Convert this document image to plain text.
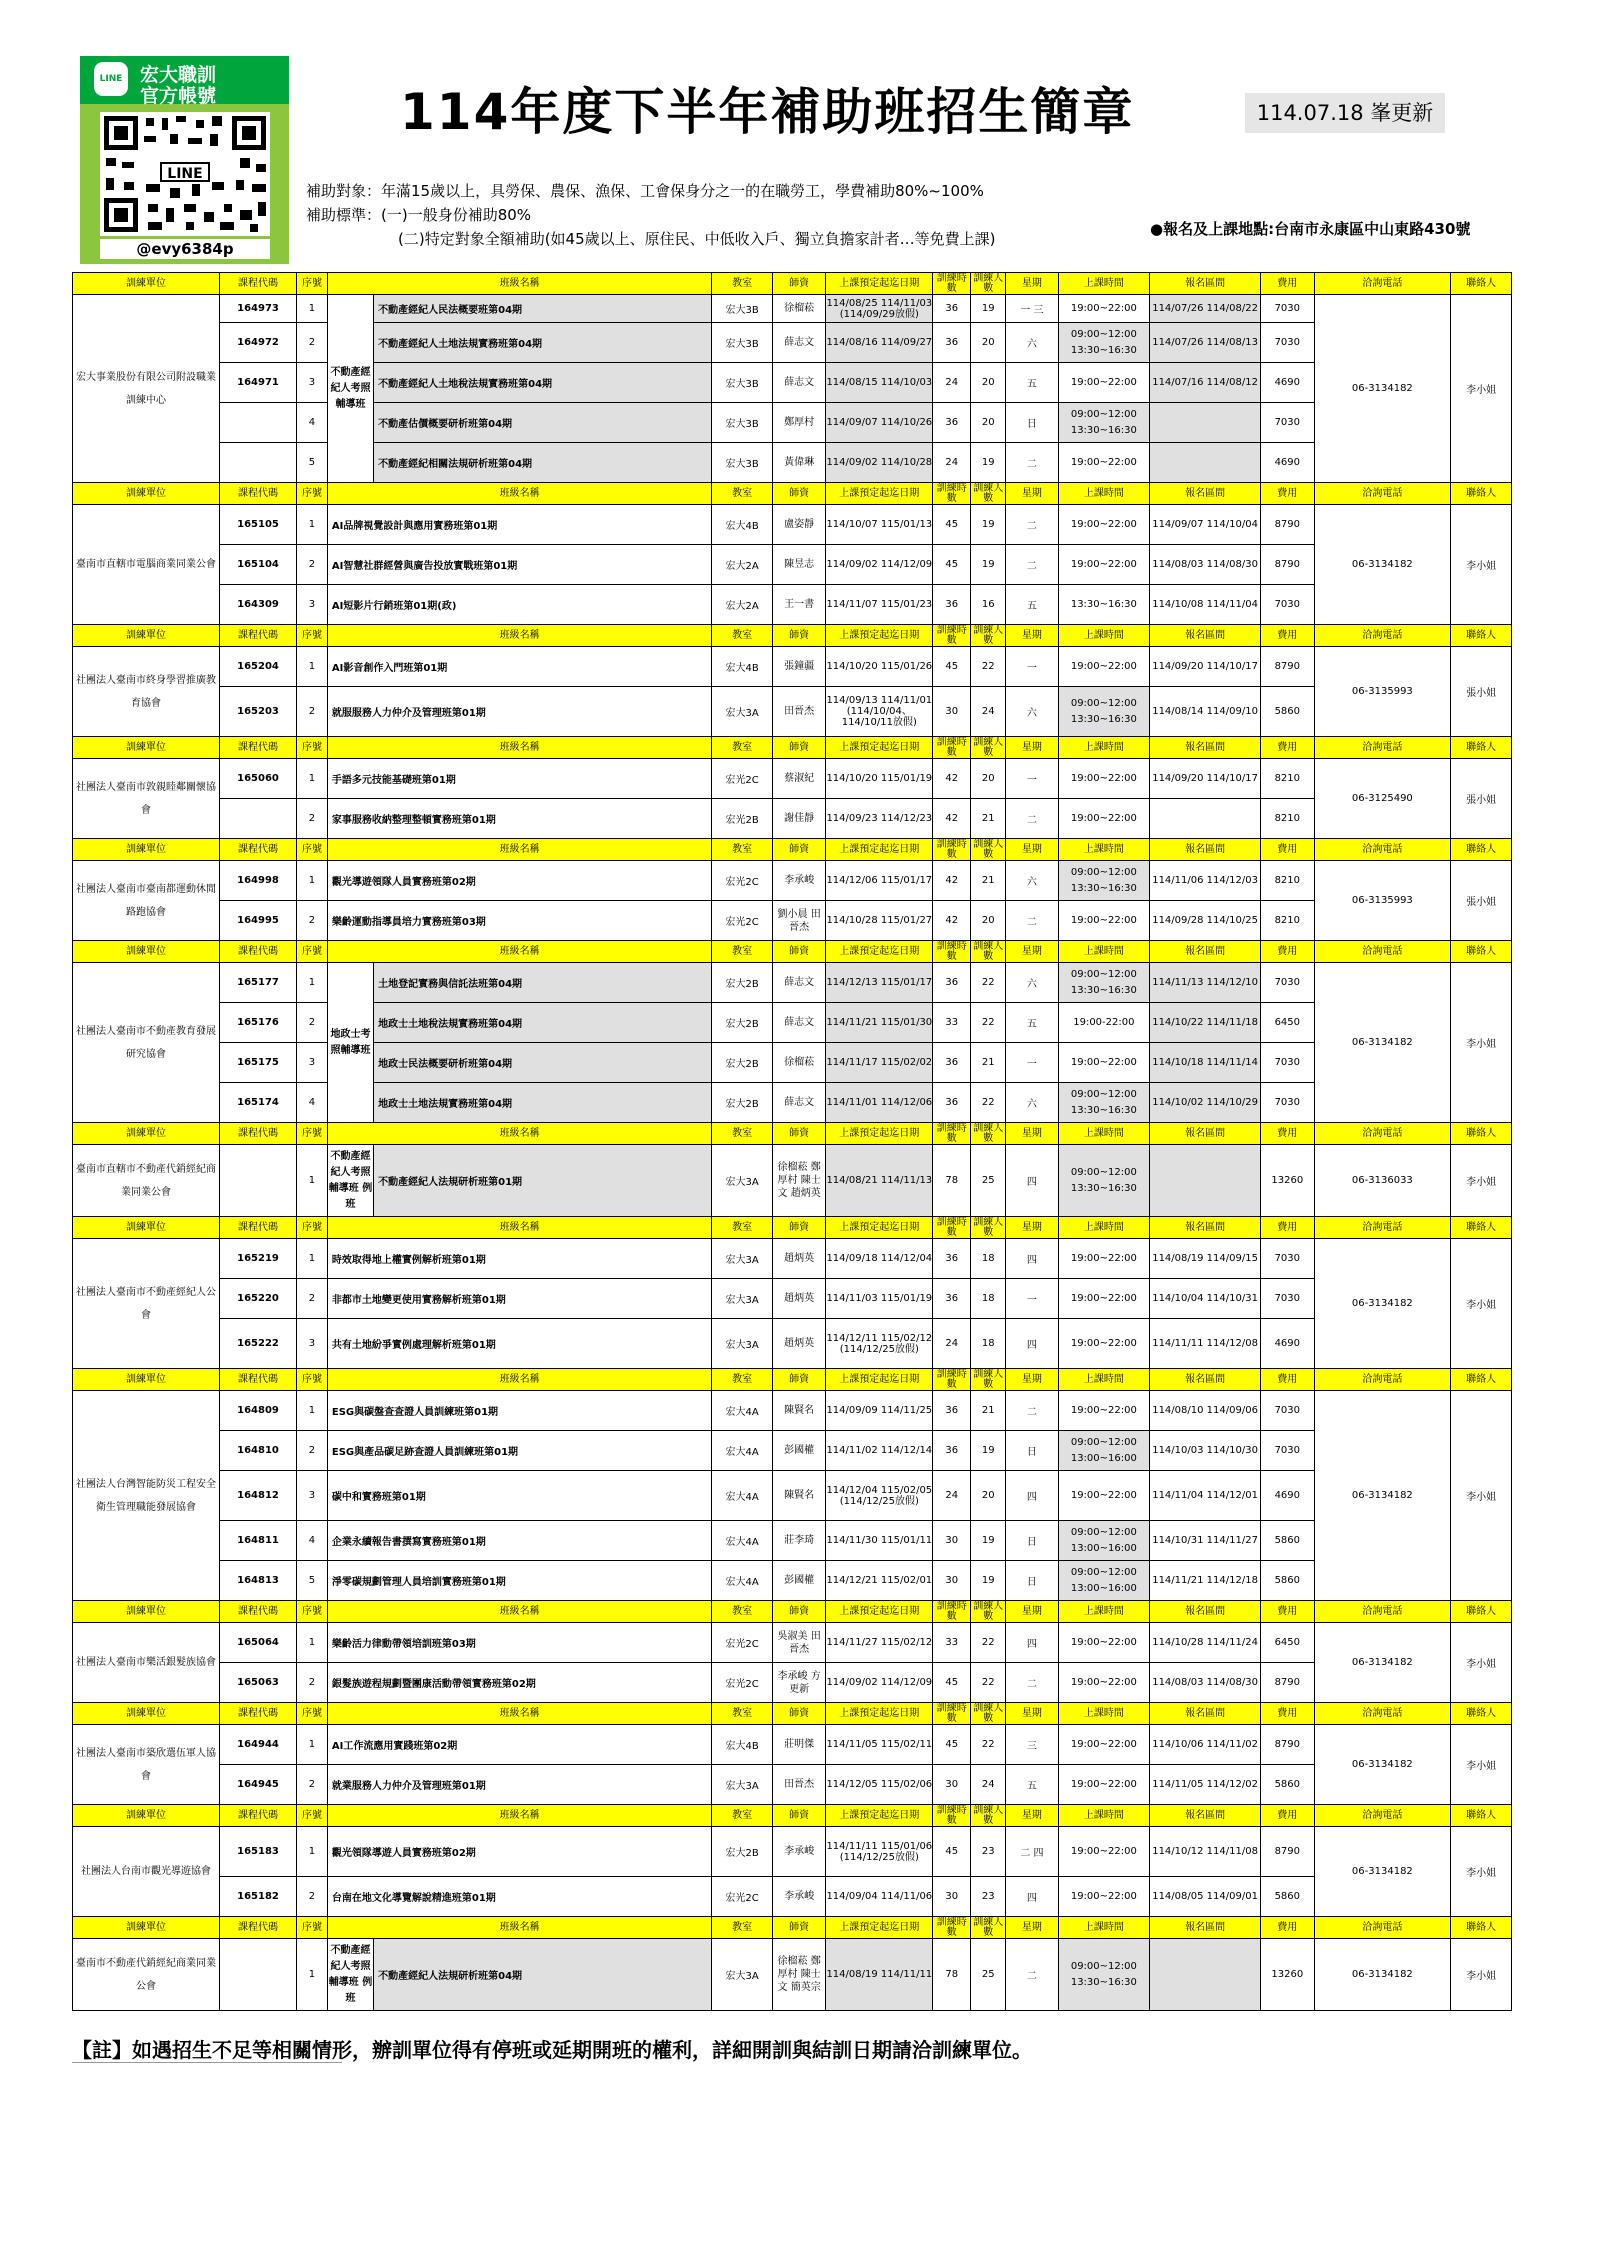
LINE 宏大職訓
官方帳號
LINE
@evy6384p
114年度下半年補助班招生簡章	114.07.18 峯更新
補助對象：年滿15歲以上，具勞保、農保、漁保、工會保身分之一的在職勞工，學費補助80%~100%
補助標準：(一)一般身份補助80%
(二)特定對象全額補助(如45歲以上、原住民、中低收入戶、獨立負擔家計者…等免費上課)
●報名及上課地點:台南市永康區中山東路430號
訓練單位	課程代碼	序號	班級名稱		教室	師資	上課預定起迄日期	訓練時數	訓練人數	星期	上課時間	報名區間	費用	洽詢電話	聯絡人
宏大事業股份有限公司附設職業訓練中心	164973	1	不動產經紀人考照輔導班	不動產經紀人民法概要班第04期	宏大3B	徐榴菘	114/08/25 114/11/03 (114/09/29放假)	36	19	一 三	19:00~22:00	114/07/26 114/08/22	7030	06-3134182	李小姐
	164972	2		不動產經紀人土地法規實務班第04期	宏大3B	薛志文	114/08/16 114/09/27	36	20	六	09:00~12:00 13:30~16:30	114/07/26 114/08/13	7030		
	164971	3		不動產經紀人土地稅法規實務班第04期	宏大3B	薛志文	114/08/15 114/10/03	24	20	五	19:00~22:00	114/07/16 114/08/12	4690		
		4		不動產估價概要研析班第04期	宏大3B	鄭厚村	114/09/07 114/10/26	36	20	日	09:00~12:00 13:30~16:30		7030		
		5		不動產經紀相關法規研析班第04期	宏大3B	黃偉琳	114/09/02 114/10/28	24	19	二	19:00~22:00		4690		
訓練單位	課程代碼	序號	班級名稱		教室	師資	上課預定起迄日期	訓練時數	訓練人數	星期	上課時間	報名區間	費用	洽詢電話	聯絡人
臺南市直轄市電腦商業同業公會	165105	1	AI品牌視覺設計與應用實務班第01期		宏大4B	盧姿靜	114/10/07 115/01/13	45	19	二	19:00~22:00	114/09/07 114/10/04	8790	06-3134182	李小姐
	165104	2	AI智慧社群經營與廣告投放實戰班第01期		宏大2A	陳昱志	114/09/02 114/12/09	45	19	二	19:00~22:00	114/08/03 114/08/30	8790		
	164309	3	AI短影片行銷班第01期(政)		宏大2A	王一書	114/11/07 115/01/23	36	16	五	13:30~16:30	114/10/08 114/11/04	7030		
訓練單位	課程代碼	序號	班級名稱		教室	師資	上課預定起迄日期	訓練時數	訓練人數	星期	上課時間	報名區間	費用	洽詢電話	聯絡人
社團法人臺南市終身學習推廣教育協會	165204	1	AI影音創作入門班第01期		宏大4B	張鐘疆	114/10/20 115/01/26	45	22	一	19:00~22:00	114/09/20 114/10/17	8790	06-3135993	張小姐
	165203	2	就服服務人力仲介及管理班第01期		宏大3A	田晉杰	114/09/13 114/11/01 (114/10/04、114/10/11放假)	30	24	六	09:00~12:00 13:30~16:30	114/08/14 114/09/10	5860		
訓練單位	課程代碼	序號	班級名稱		教室	師資	上課預定起迄日期	訓練時數	訓練人數	星期	上課時間	報名區間	費用	洽詢電話	聯絡人
社團法人臺南市敦親睦鄰關懷協會	165060	1	手語多元技能基礎班第01期		宏光2C	蔡淑紀	114/10/20 115/01/19	42	20	一	19:00~22:00	114/09/20 114/10/17	8210	06-3125490	張小姐
		2	家事服務收納整理整頓實務班第01期		宏光2B	謝佳靜	114/09/23 114/12/23	42	21	二	19:00~22:00		8210		
訓練單位	課程代碼	序號	班級名稱		教室	師資	上課預定起迄日期	訓練時數	訓練人數	星期	上課時間	報名區間	費用	洽詢電話	聯絡人
社團法人臺南市臺南都運動休閒路跑協會	164998	1	觀光導遊領隊人員實務班第02期		宏光2C	李承峻	114/12/06 115/01/17	42	21	六	09:00~12:00 13:30~16:30	114/11/06 114/12/03	8210	06-3135993	張小姐
	164995	2	樂齡運動指導員培力實務班第03期		宏光2C	劉小晨 田晉杰	114/10/28 115/01/27	42	20	二	19:00~22:00	114/09/28 114/10/25	8210		
訓練單位	課程代碼	序號	班級名稱		教室	師資	上課預定起迄日期	訓練時數	訓練人數	星期	上課時間	報名區間	費用	洽詢電話	聯絡人
社團法人臺南市不動產教育發展研究協會	165177	1	地政士考照輔導班	土地登記實務與信託法班第04期	宏大2B	薛志文	114/12/13 115/01/17	36	22	六	09:00~12:00 13:30~16:30	114/11/13 114/12/10	7030	06-3134182	李小姐
	165176	2		地政士土地稅法規實務班第04期	宏大2B	薛志文	114/11/21 115/01/30	33	22	五	19:00-22:00	114/10/22 114/11/18	6450		
	165175	3		地政士民法概要研析班第04期	宏大2B	徐榴菘	114/11/17 115/02/02	36	21	一	19:00~22:00	114/10/18 114/11/14	7030		
	165174	4		地政士土地法規實務班第04期	宏大2B	薛志文	114/11/01 114/12/06	36	22	六	09:00~12:00 13:30~16:30	114/10/02 114/10/29	7030		
訓練單位	課程代碼	序號	班級名稱		教室	師資	上課預定起迄日期	訓練時數	訓練人數	星期	上課時間	報名區間	費用	洽詢電話	聯絡人
臺南市直轄市不動產代銷經紀商業同業公會		1	不動產經紀人考照輔導班 例班	不動產經紀人法規研析班第01期	宏大3A	徐榴菘 鄭厚村 陳士文 趙炳英	114/08/21 114/11/13	78	25	四	09:00~12:00 13:30~16:30		13260	06-3136033	李小姐
訓練單位	課程代碼	序號	班級名稱		教室	師資	上課預定起迄日期	訓練時數	訓練人數	星期	上課時間	報名區間	費用	洽詢電話	聯絡人
社團法人臺南市不動產經紀人公會	165219	1	時效取得地上權實例解析班第01期		宏大3A	趙炳英	114/09/18 114/12/04	36	18	四	19:00~22:00	114/08/19 114/09/15	7030	06-3134182	李小姐
	165220	2	非都市土地變更使用實務解析班第01期		宏大3A	趙炳英	114/11/03 115/01/19	36	18	一	19:00~22:00	114/10/04 114/10/31	7030		
	165222	3	共有土地紛爭實例處理解析班第01期		宏大3A	趙炳英	114/12/11 115/02/12 (114/12/25放假)	24	18	四	19:00~22:00	114/11/11 114/12/08	4690		
訓練單位	課程代碼	序號	班級名稱		教室	師資	上課預定起迄日期	訓練時數	訓練人數	星期	上課時間	報名區間	費用	洽詢電話	聯絡人
社團法人台灣智能防災工程安全衛生管理職能發展協會	164809	1	ESG與碳盤查查證人員訓練班第01期		宏大4A	陳賢名	114/09/09 114/11/25	36	21	二	19:00~22:00	114/08/10 114/09/06	7030	06-3134182	李小姐
	164810	2	ESG與產品碳足跡查證人員訓練班第01期		宏大4A	彭國權	114/11/02 114/12/14	36	19	日	09:00~12:00 13:00~16:00	114/10/03 114/10/30	7030		
	164812	3	碳中和實務班第01期		宏大4A	陳賢名	114/12/04 115/02/05 (114/12/25放假)	24	20	四	19:00~22:00	114/11/04 114/12/01	4690		
	164811	4	企業永續報告書撰寫實務班第01期		宏大4A	莊李琦	114/11/30 115/01/11	30	19	日	09:00~12:00 13:00~16:00	114/10/31 114/11/27	5860		
	164813	5	淨零碳規劃管理人員培訓實務班第01期		宏大4A	彭國權	114/12/21 115/02/01	30	19	日	09:00~12:00 13:00~16:00	114/11/21 114/12/18	5860		
訓練單位	課程代碼	序號	班級名稱		教室	師資	上課預定起迄日期	訓練時數	訓練人數	星期	上課時間	報名區間	費用	洽詢電話	聯絡人
社團法人臺南市樂活銀髮族協會	165064	1	樂齡活力律動帶領培訓班第03期		宏光2C	吳淑美 田晉杰	114/11/27 115/02/12	33	22	四	19:00~22:00	114/10/28 114/11/24	6450	06-3134182	李小姐
	165063	2	銀髮族遊程規劃暨團康活動帶領實務班第02期		宏光2C	李承峻 方更新	114/09/02 114/12/09	45	22	二	19:00~22:00	114/08/03 114/08/30	8790		
訓練單位	課程代碼	序號	班級名稱		教室	師資	上課預定起迄日期	訓練時數	訓練人數	星期	上課時間	報名區間	費用	洽詢電話	聯絡人
社團法人臺南市築欣選伍軍人協會	164944	1	AI工作流應用實踐班第02期		宏大4B	莊明傑	114/11/05 115/02/11	45	22	三	19:00~22:00	114/10/06 114/11/02	8790	06-3134182	李小姐
	164945	2	就業服務人力仲介及管理班第01期		宏大3A	田晉杰	114/12/05 115/02/06	30	24	五	19:00~22:00	114/11/05 114/12/02	5860		
訓練單位	課程代碼	序號	班級名稱		教室	師資	上課預定起迄日期	訓練時數	訓練人數	星期	上課時間	報名區間	費用	洽詢電話	聯絡人
社團法人台南市觀光導遊協會	165183	1	觀光領隊導遊人員實務班第02期		宏大2B	李承峻	114/11/11 115/01/06 (114/12/25放假)	45	23	二 四	19:00~22:00	114/10/12 114/11/08	8790	06-3134182	李小姐
	165182	2	台南在地文化導覽解說精進班第01期		宏光2C	李承峻	114/09/04 114/11/06	30	23	四	19:00~22:00	114/08/05 114/09/01	5860		
訓練單位	課程代碼	序號	班級名稱		教室	師資	上課預定起迄日期	訓練時數	訓練人數	星期	上課時間	報名區間	費用	洽詢電話	聯絡人
臺南市不動產代銷經紀商業同業公會		1	不動產經紀人考照輔導班 例班	不動產經紀人法規研析班第04期	宏大3A	徐榴菘 鄭厚村 陳士文 簡英宗	114/08/19 114/11/11	78	25	二	09:00~12:00 13:30~16:30		13260	06-3134182	李小姐
【註】如遇招生不足等相關情形，辦訓單位得有停班或延期開班的權利，詳細開訓與結訓日期請洽訓練單位。
